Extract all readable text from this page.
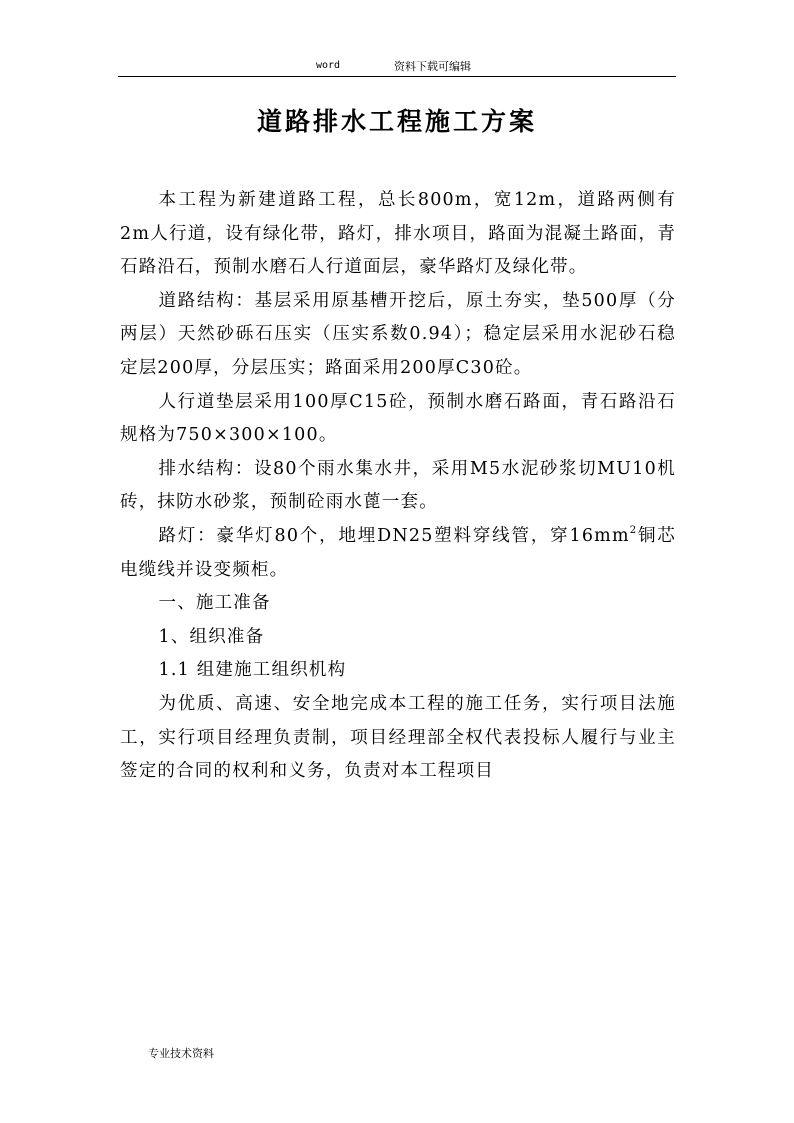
word	资料下载可编辑
道路排水工程施工方案

本工程为新建道路工程，总长800m，宽12m，道路两侧有2m人行道，设有绿化带，路灯，排水项目，路面为混凝土路面，青石路沿石，预制水磨石人行道面层，豪华路灯及绿化带。

道路结构：基层采用原基槽开挖后，原土夯实，垫500厚（分两层）天然砂砾石压实（压实系数0.94）；稳定层采用水泥砂石稳定层200厚，分层压实；路面采用200厚C30砼。

人行道垫层采用100厚C15砼，预制水磨石路面，青石路沿石规格为750×300×100。

排水结构：设80个雨水集水井，采用M5水泥砂浆切MU10机砖，抹防水砂浆，预制砼雨水蓖一套。

路灯：豪华灯80个，地埋DN25塑料穿线管，穿$16mm^2$铜芯电缆线并设变频柜。

一、施工准备

1、组织准备

1.1 组建施工组织机构

为优质、高速、安全地完成本工程的施工任务，实行项目法施工，实行项目经理负责制，项目经理部全权代表投标人履行与业主签定的合同的权利和义务，负责对本工程项目

专业技术资料
